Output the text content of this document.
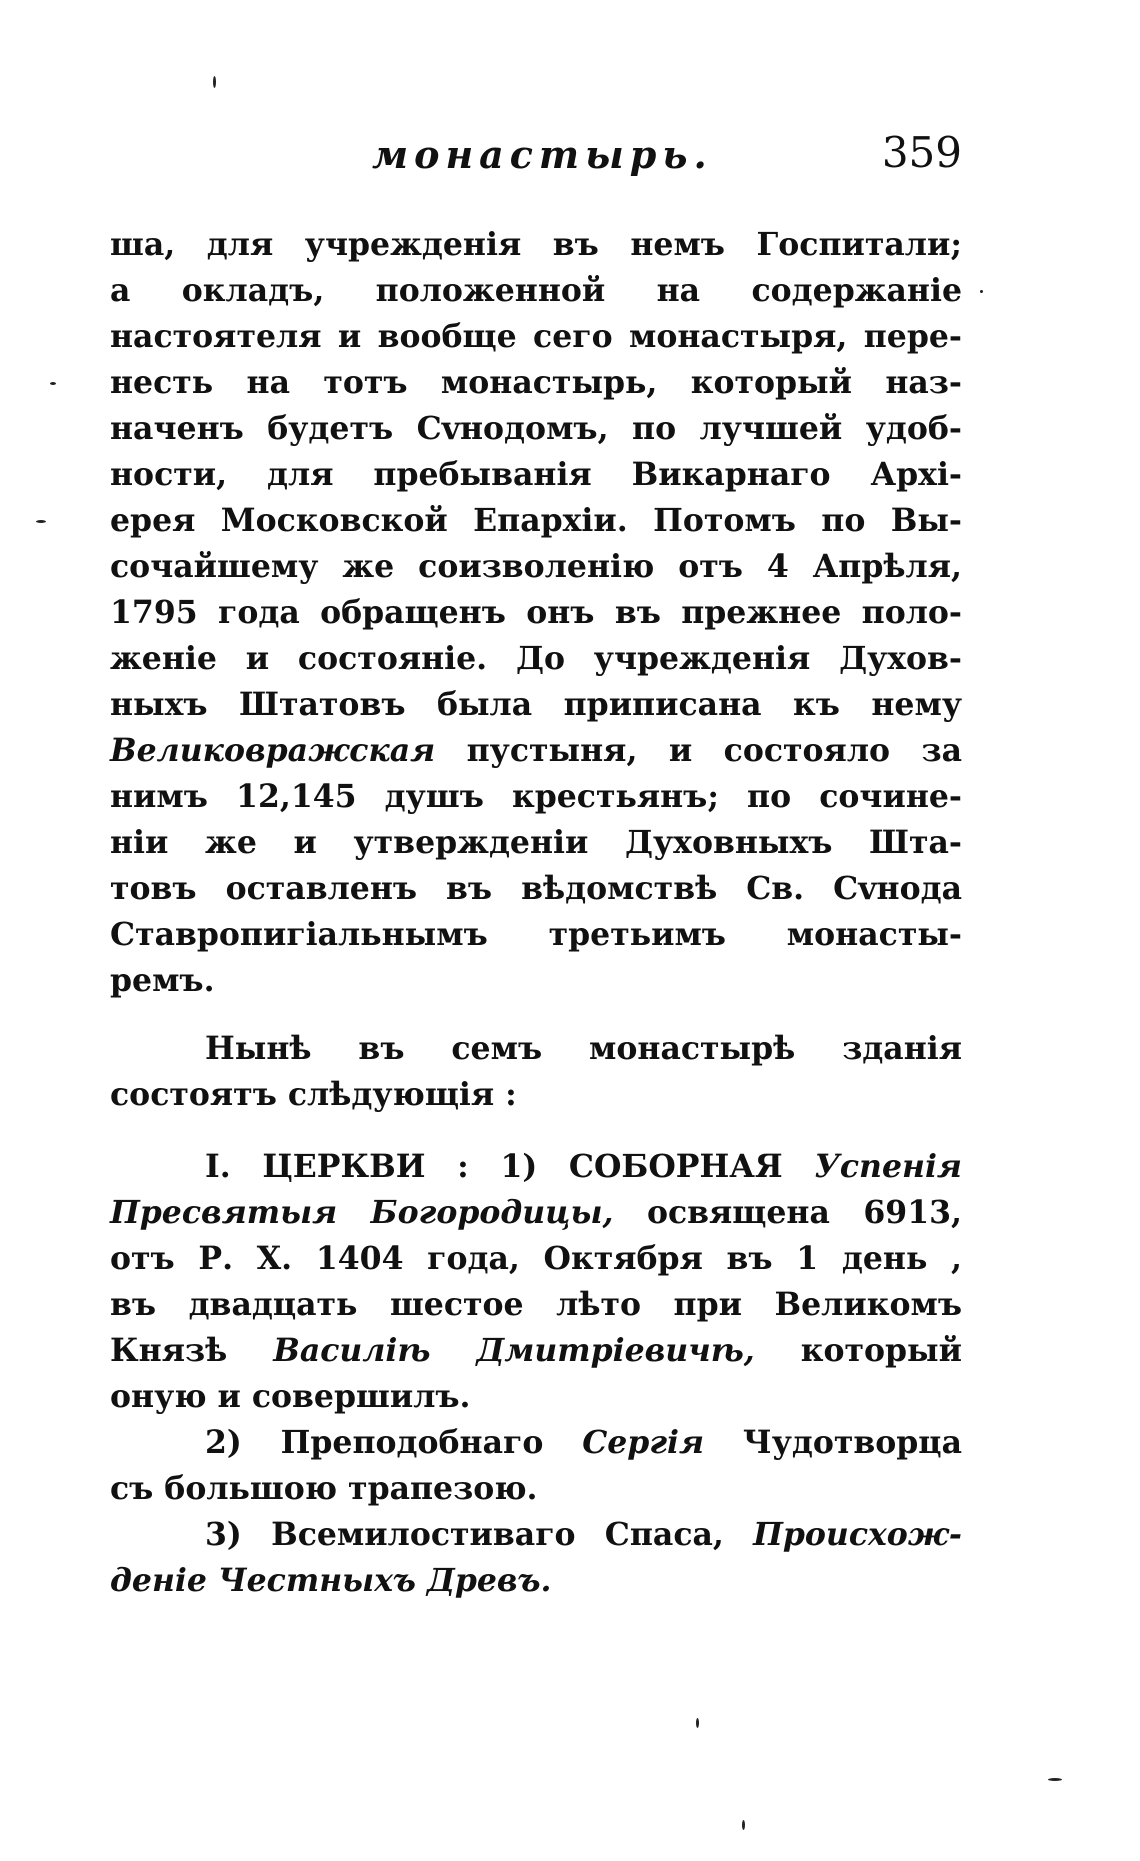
монастырь.	359
ша, для учрежденія въ немъ Госпитали;
а окладъ, положенной на содержаніе
настоятеля и вообще сего монастыря, пере-
несть на тотъ монастырь, который наз-
наченъ будетъ Сvнодомъ, по лучшей удоб-
ности, для пребыванія Викарнаго Архі-
ерея Московской Епархіи. Потомъ по Вы-
сочайшему же соизволенію отъ 4 Апрѣля,
1795 года обращенъ онъ въ прежнее поло-
женіе и состояніе. До учрежденія Духов-
ныхъ Штатовъ была приписана къ нему
Великовражская пустыня, и состояло за
нимъ 12,145 душъ крестьянъ; по сочине-
ніи же и утвержденіи Духовныхъ Шта-
товъ оставленъ въ вѣдомствѣ Св. Сvнода
Ставропигіальнымъ третьимъ монасты-
ремъ.
Нынѣ въ семъ монастырѣ зданія
состоятъ слѣдующія :
I. ЦЕРКВИ : 1) СОБОРНАЯ Успенія
Пресвятыя Богородицы, освящена 6913,
отъ Р. Х. 1404 года, Октября въ 1 день ,
въ двадцать шестое лѣто при Великомъ
Князѣ Василіѣ Дмитріевичѣ, который
оную и совершилъ.
2) Преподобнаго Сергія Чудотворца
съ большою трапезою.
3) Всемилостиваго Спаса, Происхож-
деніе Честныхъ Древъ.
